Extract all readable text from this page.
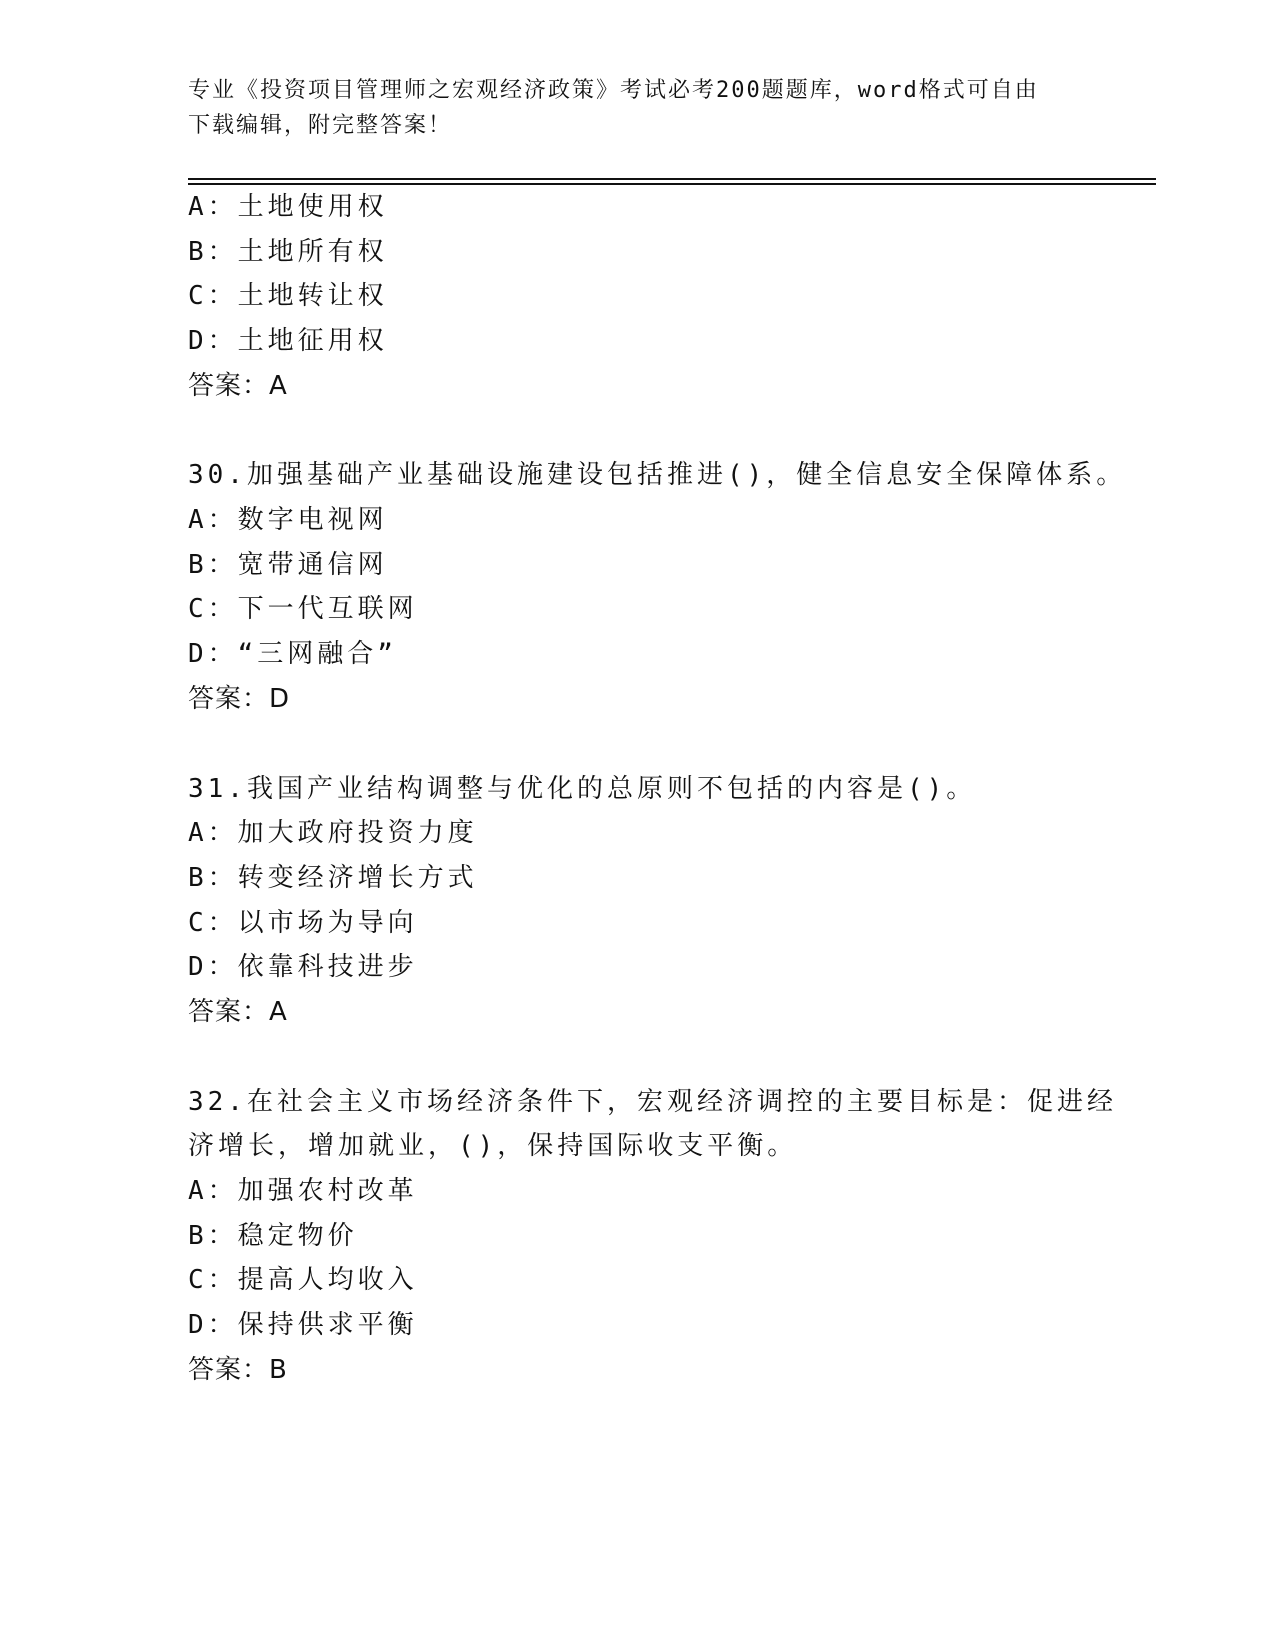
专业《投资项目管理师之宏观经济政策》考试必考200题题库，word格式可自由
下载编辑，附完整答案！
A：土地使用权
B：土地所有权
C：土地转让权
D：土地征用权
答案：A
30.加强基础产业基础设施建设包括推进()，健全信息安全保障体系。
A：数字电视网
B：宽带通信网
C：下一代互联网
D：“三网融合”
答案：D
31.我国产业结构调整与优化的总原则不包括的内容是()。
A：加大政府投资力度
B：转变经济增长方式
C：以市场为导向
D：依靠科技进步
答案：A
32.在社会主义市场经济条件下，宏观经济调控的主要目标是：促进经
济增长，增加就业，()，保持国际收支平衡。
A：加强农村改革
B：稳定物价
C：提高人均收入
D：保持供求平衡
答案：B
